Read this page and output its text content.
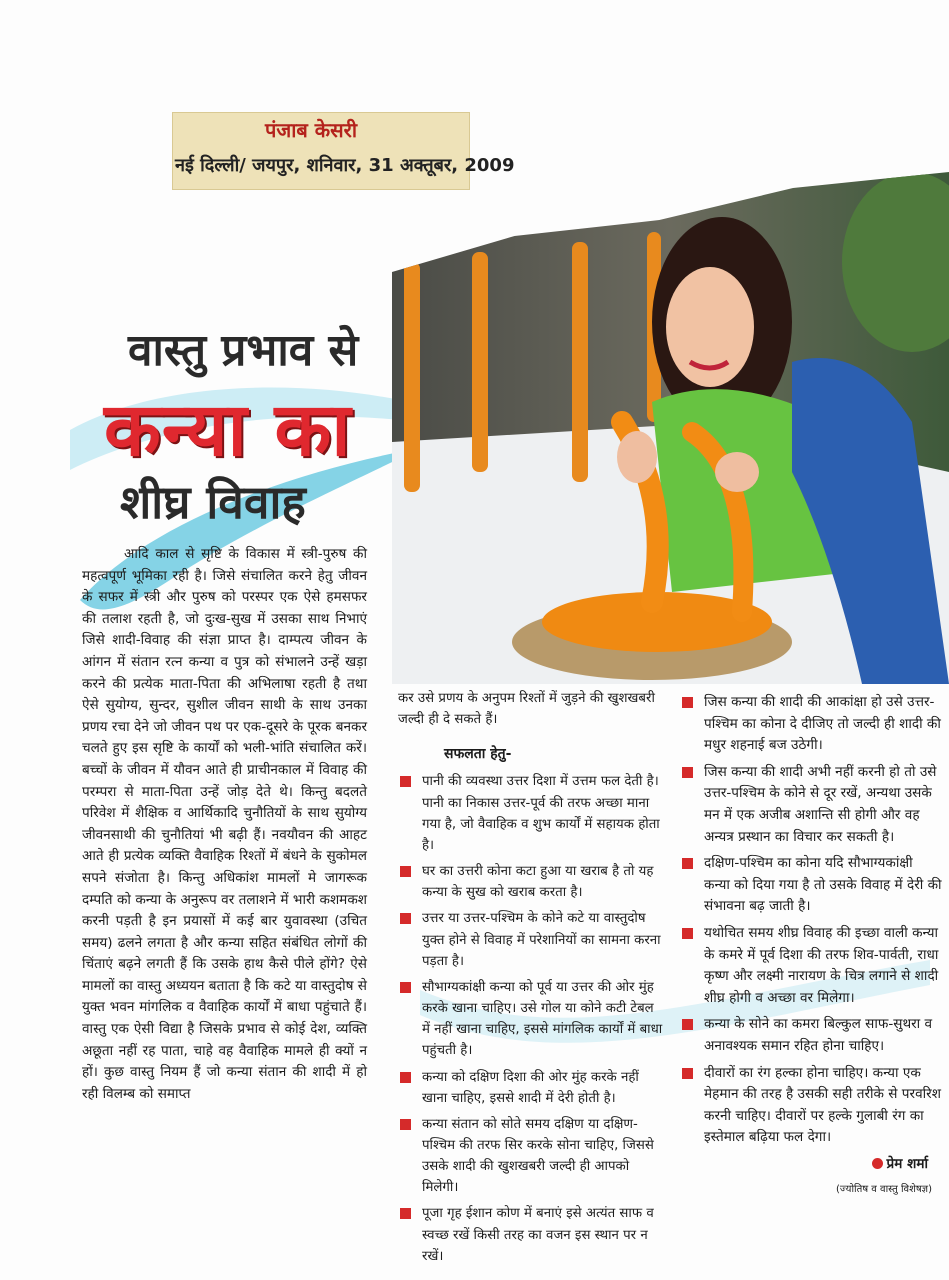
पंजाब केसरी
नई दिल्ली/ जयपुर, शनिवार, 31 अक्तूबर, 2009
वास्तु प्रभाव से
कन्या का
शीघ्र विवाह

आदि काल से सृष्टि के विकास में स्त्री-पुरुष की महत्वपूर्ण भूमिका रही है। जिसे संचालित करने हेतु जीवन के सफर में स्त्री और पुरुष को परस्पर एक ऐसे हमसफर की तलाश रहती है, जो दुःख-सुख में उसका साथ निभाएं जिसे शादी-विवाह की संज्ञा प्राप्त है। दाम्पत्य जीवन के आंगन में संतान रत्न कन्या व पुत्र को संभालने उन्हें खड़ा करने की प्रत्येक माता-पिता की अभिलाषा रहती है तथा ऐसे सुयोग्य, सुन्दर, सुशील जीवन साथी के साथ उनका प्रणय रचा देने जो जीवन पथ पर एक-दूसरे के पूरक बनकर चलते हुए इस सृष्टि के कार्यों को भली-भांति संचालित करें। बच्चों के जीवन में यौवन आते ही प्राचीनकाल में विवाह की परम्परा से माता-पिता उन्हें जोड़ देते थे। किन्तु बदलते परिवेश में शैक्षिक व आर्थिकादि चुनौतियों के साथ सुयोग्य जीवनसाथी की चुनौतियां भी बढ़ी हैं। नवयौवन की आहट आते ही प्रत्येक व्यक्ति वैवाहिक रिश्तों में बंधने के सुकोमल सपने संजोता है। किन्तु अधिकांश मामलों मे जागरूक दम्पति को कन्या के अनुरूप वर तलाशने में भारी कशमकश करनी पड़ती है इन प्रयासों में कई बार युवावस्था (उचित समय) ढलने लगता है और कन्या सहित संबंधित लोगों की चिंताएं बढ़ने लगती हैं कि उसके हाथ कैसे पीले होंगे? ऐसे मामलों का वास्तु अध्ययन बताता है कि कटे या वास्तुदोष से युक्त भवन मांगलिक व वैवाहिक कार्यों में बाधा पहुंचाते हैं। वास्तु एक ऐसी विद्या है जिसके प्रभाव से कोई देश, व्यक्ति अछूता नहीं रह पाता, चाहे वह वैवाहिक मामले ही क्यों न हों। कुछ वास्तु नियम हैं जो कन्या संतान की शादी में हो रही विलम्ब को समाप्त

कर उसे प्रणय के अनुपम रिश्तों में जुड़ने की खुशखबरी जल्दी ही दे सकते हैं।

सफलता हेतु-
पानी की व्यवस्था उत्तर दिशा में उत्तम फल देती है। पानी का निकास उत्तर-पूर्व की तरफ अच्छा माना गया है, जो वैवाहिक व शुभ कार्यों में सहायक होता है।
घर का उत्तरी कोना कटा हुआ या खराब है तो यह कन्या के सुख को खराब करता है।
उत्तर या उत्तर-पश्चिम के कोने कटे या वास्तुदोष युक्त होने से विवाह में परेशानियों का सामना करना पड़ता है।
सौभाग्यकांक्षी कन्या को पूर्व या उत्तर की ओर मुंह करके खाना चाहिए। उसे गोल या कोने कटी टेबल में नहीं खाना चाहिए, इससे मांगलिक कार्यों में बाधा पहुंचती है।
कन्या को दक्षिण दिशा की ओर मुंह करके नहीं खाना चाहिए, इससे शादी में देरी होती है।
कन्या संतान को सोते समय दक्षिण या दक्षिण-पश्चिम की तरफ सिर करके सोना चाहिए, जिससे उसके शादी की खुशखबरी जल्दी ही आपको मिलेगी।
पूजा गृह ईशान कोण में बनाएं इसे अत्यंत साफ व स्वच्छ रखें किसी तरह का वजन इस स्थान पर न रखें।
जिस कन्या की शादी की आकांक्षा हो उसे उत्तर-पश्चिम का कोना दे दीजिए तो जल्दी ही शादी की मधुर शहनाई बज उठेगी।
जिस कन्या की शादी अभी नहीं करनी हो तो उसे उत्तर-पश्चिम के कोने से दूर रखें, अन्यथा उसके मन में एक अजीब अशान्ति सी होगी और वह अन्यत्र प्रस्थान का विचार कर सकती है।
दक्षिण-पश्चिम का कोना यदि सौभाग्यकांक्षी कन्या को दिया गया है तो उसके विवाह में देरी की संभावना बढ़ जाती है।
यथोचित समय शीघ्र विवाह की इच्छा वाली कन्या के कमरे में पूर्व दिशा की तरफ शिव-पार्वती, राधा कृष्ण और लक्ष्मी नारायण के चित्र लगाने से शादी शीघ्र होगी व अच्छा वर मिलेगा।
कन्या के सोने का कमरा बिल्कुल साफ-सुथरा व अनावश्यक समान रहित होना चाहिए।
दीवारों का रंग हल्का होना चाहिए। कन्या एक मेहमान की तरह है उसकी सही तरीके से परवरिश करनी चाहिए। दीवारों पर हल्के गुलाबी रंग का इस्तेमाल बढ़िया फल देगा।
प्रेम शर्मा
(ज्योतिष व वास्तु विशेषज्ञ)
